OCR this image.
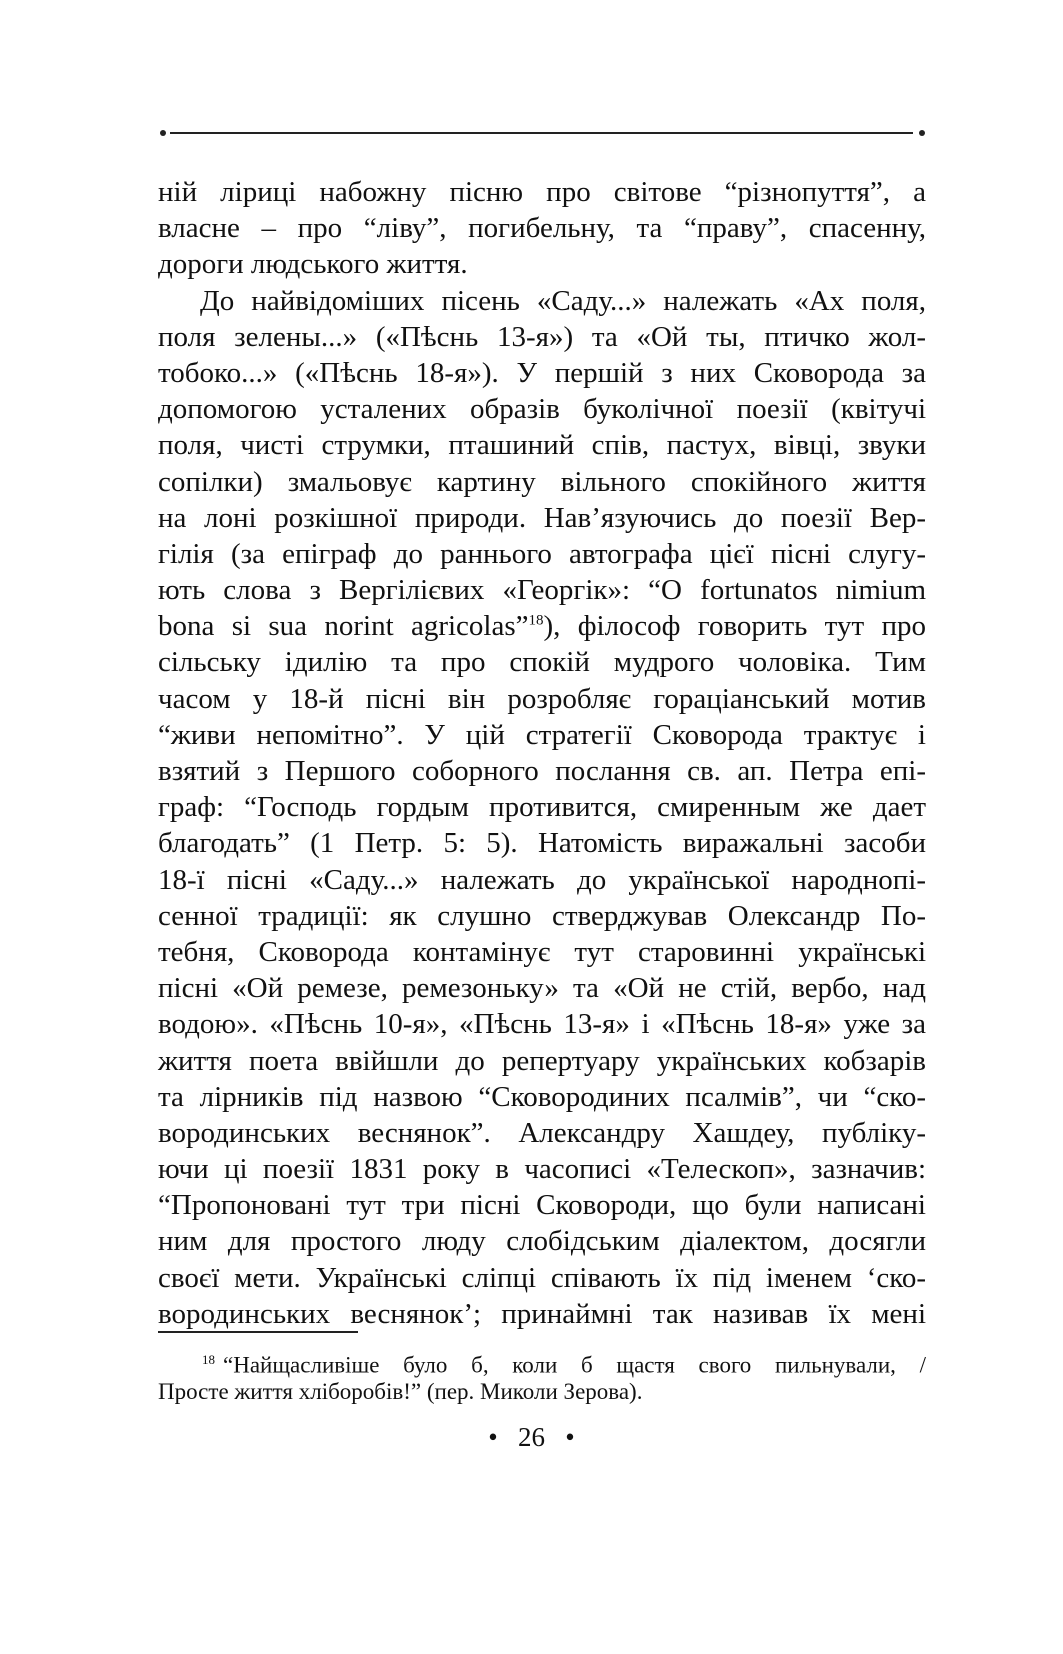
ній ліриці набожну пісню про світове “різнопуття”, а
власне – про “ліву”, погибельну, та “праву”, спасенну,
дороги людського життя.
До найвідоміших пісень «Саду...» належать «Ах поля,
поля зелены...» («Пѣснь 13-я») та «Ой ты, птичко жол-
тобоко...» («Пѣснь 18-я»). У першій з них Сковорода за
допомогою усталених образів буколічної поезії (квітучі
поля, чисті струмки, пташиний спів, пастух, вівці, звуки
сопілки) змальовує картину вільного спокійного життя
на лоні розкішної природи. Нав’язуючись до поезії Вер-
гілія (за епіграф до раннього автографа цієї пісні слугу-
ють слова з Вергілієвих «Георгік»: “O fortunatos nimium
bona si sua norint agricolas”$^{18}$), філософ говорить тут про
сільську ідилію та про спокій мудрого чоловіка. Тим
часом у 18-й пісні він розробляє гораціанський мотив
“живи непомітно”. У цій стратегії Сковорода трактує і
взятий з Першого соборного послання св. ап. Петра епі-
граф: “Господь гордым противится, смиренным же дает
благодать” (1 Петр. 5: 5). Натомість виражальні засоби
18-ї пісні «Саду...» належать до української народнопі-
сенної традиції: як слушно стверджував Олександр По-
тебня, Сковорода контамінує тут старовинні українські
пісні «Ой ремезе, ремезоньку» та «Ой не стій, вербо, над
водою». «Пѣснь 10-я», «Пѣснь 13-я» і «Пѣснь 18-я» уже за
життя поета ввійшли до репертуару українських кобзарів
та лірників під назвою “Сковородиних псалмів”, чи “ско-
вородинських веснянок”. Александру Хашдеу, публіку-
ючи ці поезії 1831 року в часописі «Телескоп», зазначив:
“Пропоновані тут три пісні Сковороди, що були написані
ним для простого люду слобідським діалектом, досягли
своєї мети. Українські сліпці співають їх під іменем ‘ско-
вородинських веснянок’; принаймні так називав їх мені
$^{18}$ “Найщасливіше було б, коли б щастя свого пильнували, /
Просте життя хліборобів!” (пер. Миколи Зерова).
• 26 •
